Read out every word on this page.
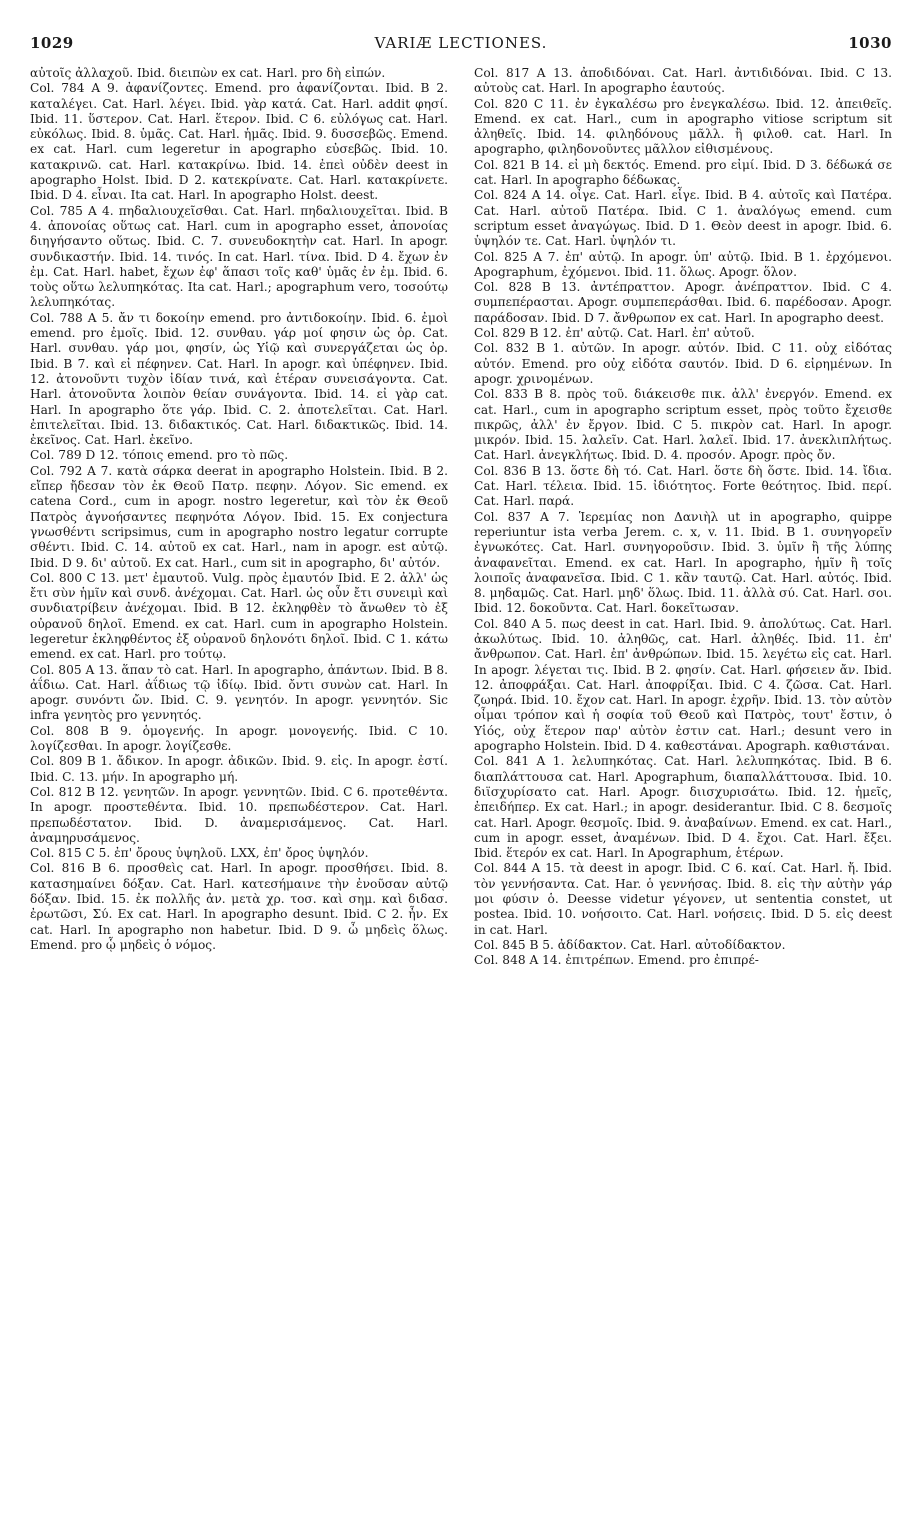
1029	VARIÆ LECTIONES.	1030

αὐτοῖς ἀλλαχοῦ. Ibid. διειπὼν ex cat. Harl. pro δὴ εἰπών.

Col. 784 A 9. ἀφανίζοντες. Emend. pro ἀφανίζονται. Ibid. B 2. καταλέγει. Cat. Harl. λέγει. Ibid. γὰρ κατά. Cat. Harl. addit φησί. Ibid. 11. ὕστερον. Cat. Harl. ἕτερον. Ibid. C 6. εὐλόγως cat. Harl. εὐκόλως. Ibid. 8. ὑμᾶς. Cat. Harl. ἡμᾶς. Ibid. 9. δυσσεβῶς. Emend. ex cat. Harl. cum legeretur in apographo εὐσεβῶς. Ibid. 10. κατακρινῶ. cat. Harl. κατακρίνω. Ibid. 14. ἐπεὶ οὐδὲν deest in apographo Holst. Ibid. D 2. κατεκρίνατε. Cat. Harl. κατακρίνετε. Ibid. D 4. εἶναι. Ita cat. Harl. In apographo Holst. deest.

Col. 785 A 4. πηδαλιουχεῖσθαι. Cat. Harl. πηδαλιουχεῖται. Ibid. B 4. ἀπονοίας οὕτως cat. Harl. cum in apographo esset, ἀπονοίας διηγήσαντο οὕτως. Ibid. C. 7. συνευδοκητὴν cat. Harl. In apogr. συνδικαστήν. Ibid. 14. τινός. In cat. Harl. τίνα. Ibid. D 4. ἔχων ἐν ἐμ. Cat. Harl. habet, ἔχων ἐφ' ἅπασι τοῖς καθ' ὑμᾶς ἐν ἐμ. Ibid. 6. τοὺς οὕτω λελυπηκότας. Ita cat. Harl.; apographum vero, τοσούτῳ λελυπηκότας.

Col. 788 A 5. ἄν τι δοκοίην emend. pro ἀντιδοκοίην. Ibid. 6. ἐμοὶ emend. pro ἐμοῖς. Ibid. 12. συνθαυ. γάρ μοί φησιν ὡς ὀρ. Cat. Harl. συνθαυ. γάρ μοι, φησίν, ὡς Υἱῷ καὶ συνεργάζεται ὡς ὀρ. Ibid. B 7. καὶ εἰ πέφηνεν. Cat. Harl. In apogr. καὶ ὑπέφηνεν. Ibid. 12. ἀτονοῦντι τυχὸν ἰδίαν τινά, καὶ ἑτέραν συνεισάγοντα. Cat. Harl. ἀτονοῦντα λοιπὸν θείαν συνάγοντα. Ibid. 14. εἰ γὰρ cat. Harl. In apographo ὅτε γάρ. Ibid. C. 2. ἀποτελεῖται. Cat. Harl. ἐπιτελεῖται. Ibid. 13. διδακτικός. Cat. Harl. διδακτικῶς. Ibid. 14. ἐκεῖνος. Cat. Harl. ἐκεῖνο.

Col. 789 D 12. τόποις emend. pro τὸ πῶς.

Col. 792 A 7. κατὰ σάρκα deerat in apographo Holstein. Ibid. B 2. εἴπερ ἤδεσαν τὸν ἐκ Θεοῦ Πατρ. πεφην. Λόγον. Sic emend. ex catena Cord., cum in apogr. nostro legeretur, καὶ τὸν ἐκ Θεοῦ Πατρὸς ἀγνοήσαντες πεφηνότα Λόγον. Ibid. 15. Ex conjectura γνωσθέντι scripsimus, cum in apographo nostro legatur corrupte σθέντι. Ibid. C. 14. αὐτοῦ ex cat. Harl., nam in apogr. est αὐτῷ. Ibid. D 9. δι' αὐτοῦ. Ex cat. Harl., cum sit in apographo, δι' αὐτόν.

Col. 800 C 13. μετ' ἐμαυτοῦ. Vulg. πρὸς ἐμαυτόν Ibid. E 2. ἀλλ' ὡς ἔτι σὺν ἡμῖν καὶ συνδ. ἀνέχομαι. Cat. Harl. ὡς οὖν ἔτι συνειμὶ καὶ συνδιατρίβειν ἀνέχομαι. Ibid. B 12. ἐκληφθὲν τὸ ἄνωθεν τὸ ἐξ οὐρανοῦ δηλοῖ. Emend. ex cat. Harl. cum in apographo Holstein. legeretur ἐκληφθέντος ἐξ οὐρανοῦ δηλονότι δηλοῖ. Ibid. C 1. κάτω emend. ex cat. Harl. pro τούτῳ.

Col. 805 A 13. ἅπαν τὸ cat. Harl. In apographo, ἁπάντων. Ibid. B 8. ἀΐδιω. Cat. Harl. ἀΐδιως τῷ ἰδίῳ. Ibid. ὄντι συνὼν cat. Harl. In apogr. συνόντι ὤν. Ibid. C. 9. γενητόν. In apogr. γεννητόν. Sic infra γενητὸς pro γεννητός.

Col. 808 B 9. ὁμογενής. In apogr. μονογενής. Ibid. C 10. λογίζεσθαι. In apogr. λογίζεσθε.

Col. 809 B 1. ἄδικον. In apogr. ἀδικῶν. Ibid. 9. εἰς. In apogr. ἐστί. Ibid. C. 13. μήν. In apographo μή.

Col. 812 B 12. γενητῶν. In apogr. γεννητῶν. Ibid. C 6. προτεθέντα. In apogr. προστεθέντα. Ibid. 10. πρεπωδέστερον. Cat. Harl. πρεπωδέστατον. Ibid. D. ἀναμερισάμενος. Cat. Harl. ἀναμηρυσάμενος.

Col. 815 C 5. ἐπ' ὄρους ὑψηλοῦ. LXX, ἐπ' ὄρος ὑψηλόν.

Col. 816 B 6. προσθεὶς cat. Harl. In apogr. προσθήσει. Ibid. 8. κατασημαίνει δόξαν. Cat. Harl. κατεσήμαινε τὴν ἐνοῦσαν αὐτῷ δόξαν. Ibid. 15. ἐκ πολλῆς ἀν. μετὰ χρ. τοσ. καὶ σημ. καὶ διδασ. ἐρωτῶσι, Σύ. Ex cat. Harl. In apographo desunt. Ibid. C 2. ἦν. Ex cat. Harl. In apographo non habetur. Ibid. D 9. ὦ μηδεὶς ὅλως. Emend. pro ᾧ μηδεὶς ὁ νόμος.

Col. 817 A 13. ἀποδιδόναι. Cat. Harl. ἀντιδιδόναι. Ibid. C 13. αὐτοὺς cat. Harl. In apographo ἑαυτούς.

Col. 820 C 11. ἐν ἐγκαλέσω pro ἐνεγκαλέσω. Ibid. 12. ἀπειθεῖς. Emend. ex cat. Harl., cum in apographo vitiose scriptum sit ἀληθεῖς. Ibid. 14. φιληδόνους μᾶλλ. ἢ φιλοθ. cat. Harl. In apographo, φιληδονοῦντες μᾶλλον εἰθισμένους.

Col. 821 B 14. εἰ μὴ δεκτός. Emend. pro εἰμί. Ibid. D 3. δέδωκά σε cat. Harl. In apographo δέδωκας.

Col. 824 A 14. οἶγε. Cat. Harl. εἶγε. Ibid. B 4. αὐτοῖς καὶ Πατέρα. Cat. Harl. αὐτοῦ Πατέρα. Ibid. C 1. ἀναλόγως emend. cum scriptum esset ἀναγώγως. Ibid. D 1. Θεὸν deest in apogr. Ibid. 6. ὑψηλόν τε. Cat. Harl. ὑψηλόν τι.

Col. 825 A 7. ἐπ' αὐτῷ. In apogr. ὑπ' αὐτῷ. Ibid. B 1. ἐρχόμενοι. Apographum, ἐχόμενοι. Ibid. 11. ὅλως. Apogr. ὅλον.

Col. 828 B 13. ἀντέπραττον. Apogr. ἀνέπραττον. Ibid. C 4. συμπεπέρασται. Apogr. συμπεπεράσθαι. Ibid. 6. παρέδοσαν. Apogr. παράδοσαν. Ibid. D 7. ἄνθρωπον ex cat. Harl. In apographo deest.

Col. 829 B 12. ἐπ' αὐτῷ. Cat. Harl. ἐπ' αὐτοῦ.

Col. 832 B 1. αὐτῶν. In apogr. αὐτόν. Ibid. C 11. οὐχ εἰδότας αὐτόν. Emend. pro οὐχ εἰδότα σαυτόν. Ibid. D 6. εἰρημένων. In apogr. χρινομένων.

Col. 833 B 8. πρὸς τοῦ. διάκεισθε πικ. ἀλλ' ἐνεργόν. Emend. ex cat. Harl., cum in apographo scriptum esset, πρὸς τοῦτο ἔχεισθε πικρῶς, ἀλλ' ἐν ἔργον. Ibid. C 5. πικρὸν cat. Harl. In apogr. μικρόν. Ibid. 15. λαλεῖν. Cat. Harl. λαλεῖ. Ibid. 17. ἀνεκλιπλήτως. Cat. Harl. ἀνεγκλήτως. Ibid. D. 4. προσόν. Apogr. πρὸς ὄν.

Col. 836 B 13. ὅστε δὴ τό. Cat. Harl. ὅστε δὴ ὅστε. Ibid. 14. ἴδια. Cat. Harl. τέλεια. Ibid. 15. ἰδιότητος. Forte θεότητος. Ibid. περί. Cat. Harl. παρά.

Col. 837 A 7. Ἱερεμίας non Δανιὴλ ut in apographo, quippe reperiuntur ista verba Jerem. c. x, v. 11. Ibid. B 1. συνηγορεῖν ἐγνωκότες. Cat. Harl. συνηγοροῦσιν. Ibid. 3. ὑμῖν ἢ τῆς λύπης ἀναφανεῖται. Emend. ex cat. Harl. In apographo, ἡμῖν ἢ τοῖς λοιποῖς ἀναφανεῖσα. Ibid. C 1. κἂν ταυτῷ. Cat. Harl. αὐτός. Ibid. 8. μηδαμῶς. Cat. Harl. μηδ' ὅλως. Ibid. 11. ἀλλὰ σύ. Cat. Harl. σοι. Ibid. 12. δοκοῦντα. Cat. Harl. δοκεῖτωσαν.

Col. 840 A 5. πως deest in cat. Harl. Ibid. 9. ἀπολύτως. Cat. Harl. ἀκωλύτως. Ibid. 10. ἀληθῶς, cat. Harl. ἀληθές. Ibid. 11. ἐπ' ἄνθρωπον. Cat. Harl. ἐπ' ἀνθρώπων. Ibid. 15. λεγέτω εἰς cat. Harl. In apogr. λέγεται τις. Ibid. B 2. φησίν. Cat. Harl. φήσειεν ἄν. Ibid. 12. ἀποφράξαι. Cat. Harl. ἀποφρίξαι. Ibid. C 4. ζῶσα. Cat. Harl. ζωηρά. Ibid. 10. ἔχον cat. Harl. In apogr. ἐχρῆν. Ibid. 13. τὸν αὐτὸν οἶμαι τρόπον καὶ ἡ σοφία τοῦ Θεοῦ καὶ Πατρὸς, τουτ' ἔστιν, ὁ Υἱός, οὐχ ἕτερον παρ' αὐτὸν ἐστιν cat. Harl.; desunt vero in apographo Holstein. Ibid. D 4. καθεστάναι. Apograph. καθιστάναι.

Col. 841 A 1. λελυπηκότας. Cat. Harl. λελυπηκότας. Ibid. B 6. διαπλάττουσα cat. Harl. Apographum, διαπαλλάττουσα. Ibid. 10. διϊσχυρίσατο cat. Harl. Apogr. διισχυρισάτω. Ibid. 12. ἡμεῖς, ἐπειδήπερ. Ex cat. Harl.; in apogr. desiderantur. Ibid. C 8. δεσμοῖς cat. Harl. Apogr. θεσμοῖς. Ibid. 9. ἀναβαίνων. Emend. ex cat. Harl., cum in apogr. esset, ἀναμένων. Ibid. D 4. ἔχοι. Cat. Harl. ἔξει. Ibid. ἕτερόν ex cat. Harl. In Apographum, ἑτέρων.

Col. 844 A 15. τὰ deest in apogr. Ibid. C 6. καί. Cat. Harl. ἤ. Ibid. τὸν γεννήσαντα. Cat. Har. ὁ γεννήσας. Ibid. 8. εἰς τὴν αὐτὴν γάρ μοι φύσιν ὁ. Deesse videtur γέγονεν, ut sententia constet, ut postea. Ibid. 10. νοήσοιτο. Cat. Harl. νοήσεις. Ibid. D 5. εἰς deest in cat. Harl.

Col. 845 B 5. ἀδίδακτον. Cat. Harl. αὐτοδίδακτον.

Col. 848 A 14. ἐπιτρέπων. Emend. pro ἐπιπρέ-
